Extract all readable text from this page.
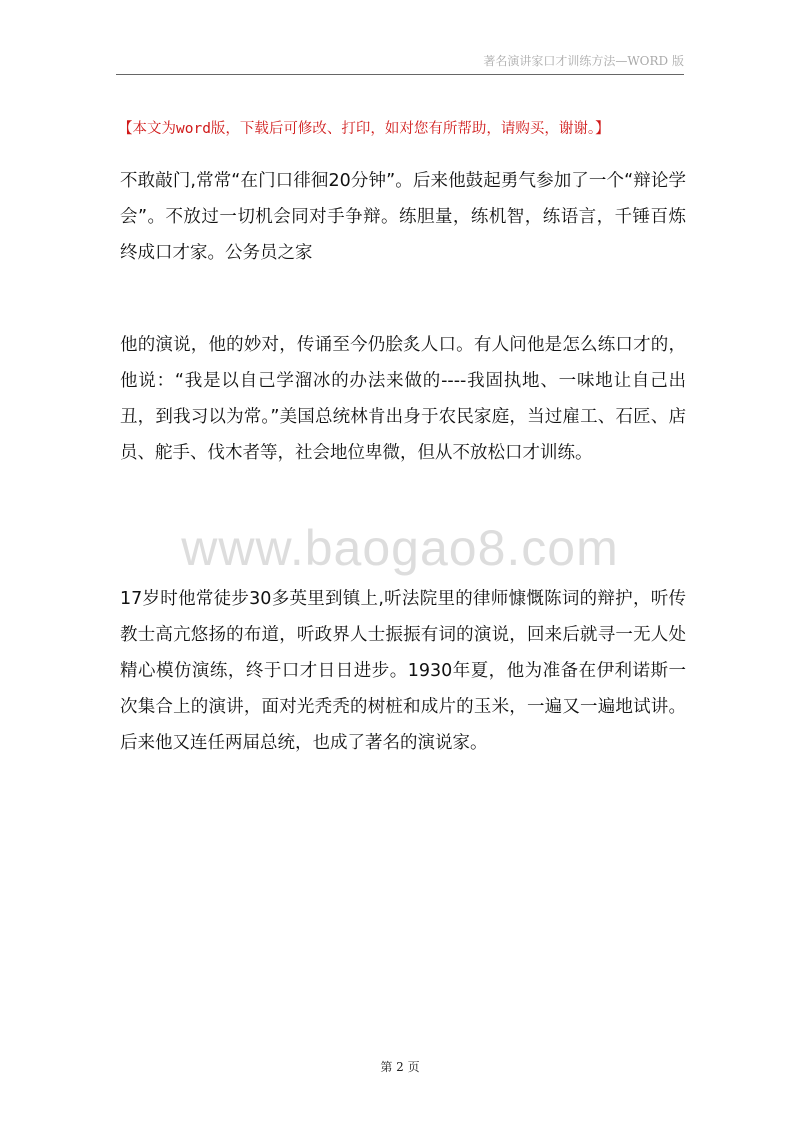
著名演讲家口才训练方法—WORD 版
【本文为word版，下载后可修改、打印，如对您有所帮助，请购买，谢谢。】

不敢敲门,常常“在门口徘徊20分钟”。后来他鼓起勇气参加了一个“辩论学会”。不放过一切机会同对手争辩。练胆量，练机智，练语言，千锤百炼终成口才家。公务员之家

他的演说，他的妙对，传诵至今仍脍炙人口。有人问他是怎么练口才的，他说：“我是以自己学溜冰的办法来做的----我固执地、一味地让自己出丑，到我习以为常。”美国总统林肯出身于农民家庭，当过雇工、石匠、店员、舵手、伐木者等，社会地位卑微，但从不放松口才训练。

www.baogao8.com

17岁时他常徒步30多英里到镇上,听法院里的律师慷慨陈词的辩护，听传教士高亢悠扬的布道，听政界人士振振有词的演说，回来后就寻一无人处精心模仿演练，终于口才日日进步。1930年夏，他为准备在伊利诺斯一次集合上的演讲，面对光秃秃的树桩和成片的玉米，一遍又一遍地试讲。后来他又连任两届总统，也成了著名的演说家。

第 2 页
